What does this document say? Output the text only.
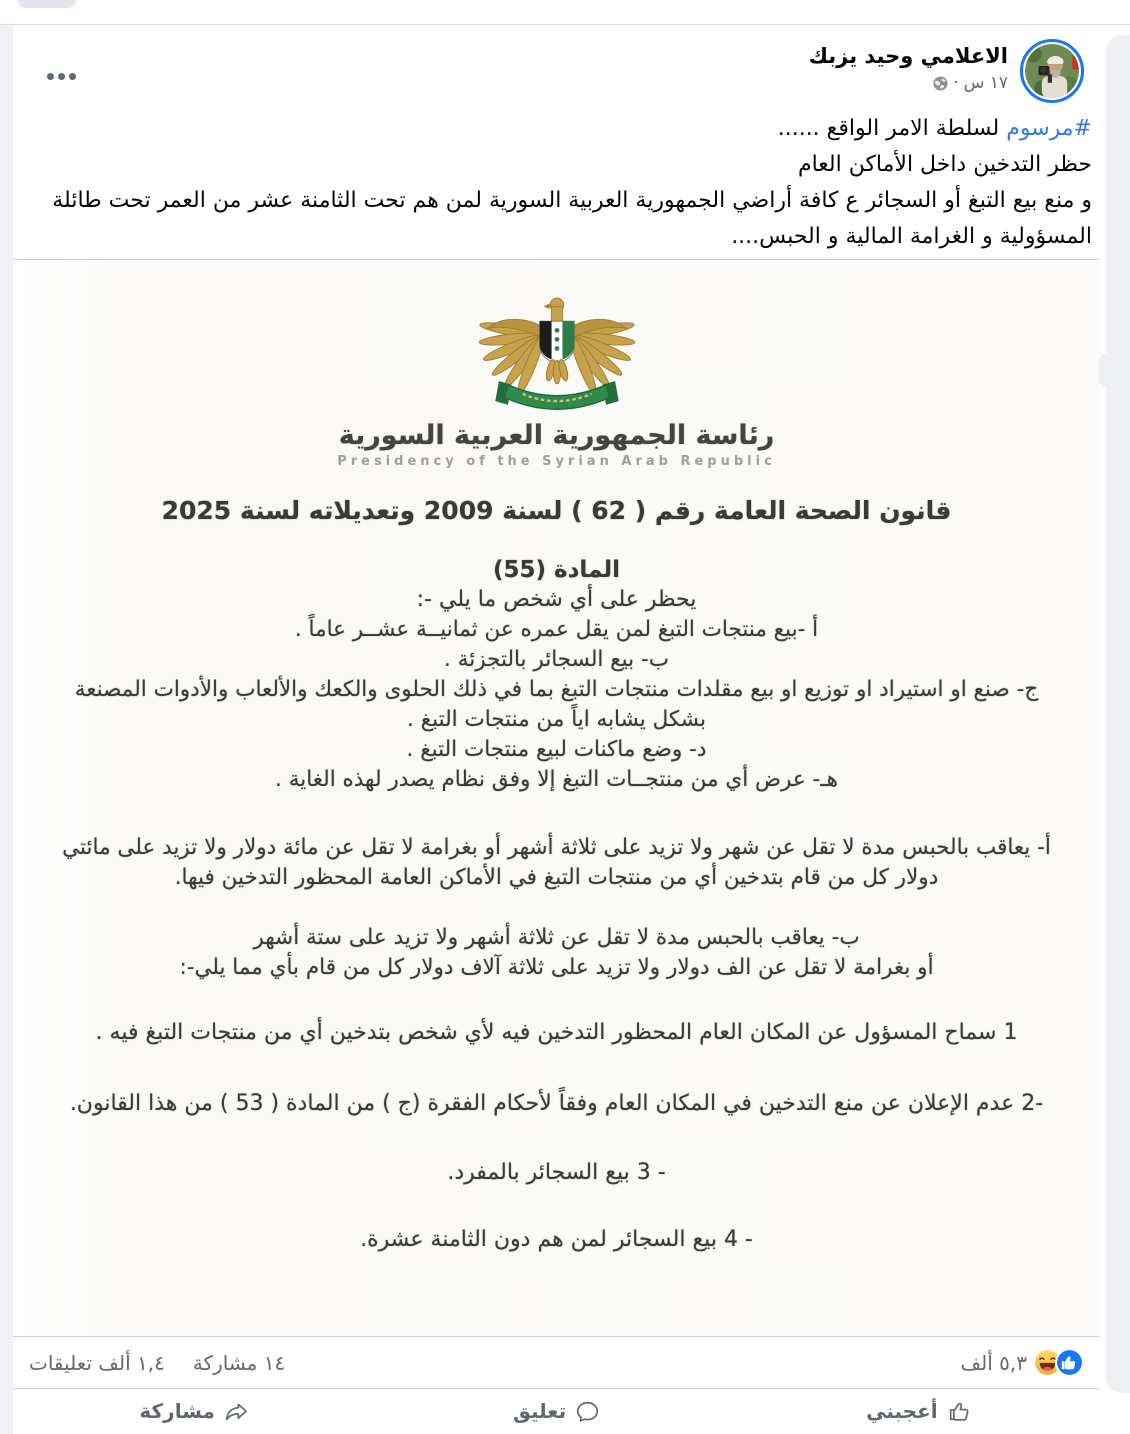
الاعلامي وحيد يزبك
١٧ س
·
#مرسوم لسلطة الامر الواقع ......
حظر التدخين داخل الأماكن العام
و منع بيع التبغ أو السجائر ع كافة أراضي الجمهورية العربية السورية لمن هم تحت الثامنة عشر من العمر تحت طائلة المسؤولية و الغرامة المالية و الحبس....
رئاسة الجمهورية العربية السورية
Presidency of the Syrian Arab Republic
قانون الصحة العامة رقم ( 62 ) لسنة 2009 وتعديلاته لسنة 2025
المادة (55)
يحظر على أي شخص ما يلي -:
أ -بيع منتجات التبغ لمن يقل عمره عن ثمانيــة عشــر عاماً .
ب- بيع السجائر بالتجزئة .
ج- صنع او استيراد او توزيع او بيع مقلدات منتجات التبغ بما في ذلك الحلوى والكعك والألعاب والأدوات المصنعة بشكل يشابه اياً من منتجات التبغ .
د- وضع ماكنات لبيع منتجات التبغ .
هـ- عرض أي من منتجــات التبغ إلا وفق نظام يصدر لهذه الغاية .
أ- يعاقب بالحبس مدة لا تقل عن شهر ولا تزيد على ثلاثة أشهر أو بغرامة لا تقل عن مائة دولار ولا تزيد على مائتي دولار كل من قام بتدخين أي من منتجات التبغ في الأماكن العامة المحظور التدخين فيها.
ب- يعاقب بالحبس مدة لا تقل عن ثلاثة أشهر ولا تزيد على ستة أشهر
أو بغرامة لا تقل عن الف دولار ولا تزيد على ثلاثة آلاف دولار كل من قام بأي مما يلي-:
1 سماح المسؤول عن المكان العام المحظور التدخين فيه لأي شخص بتدخين أي من منتجات التبغ فيه .
-2 عدم الإعلان عن منع التدخين في المكان العام وفقاً لأحكام الفقرة (ج ) من المادة ( 53 ) من هذا القانون.
- 3 بيع السجائر بالمفرد.
- 4 بيع السجائر لمن هم دون الثامنة عشرة.
٥,٣ ألف
١,٤ ألف تعليقات ١٤ مشاركة
أعجبني
تعليق
مشاركة
